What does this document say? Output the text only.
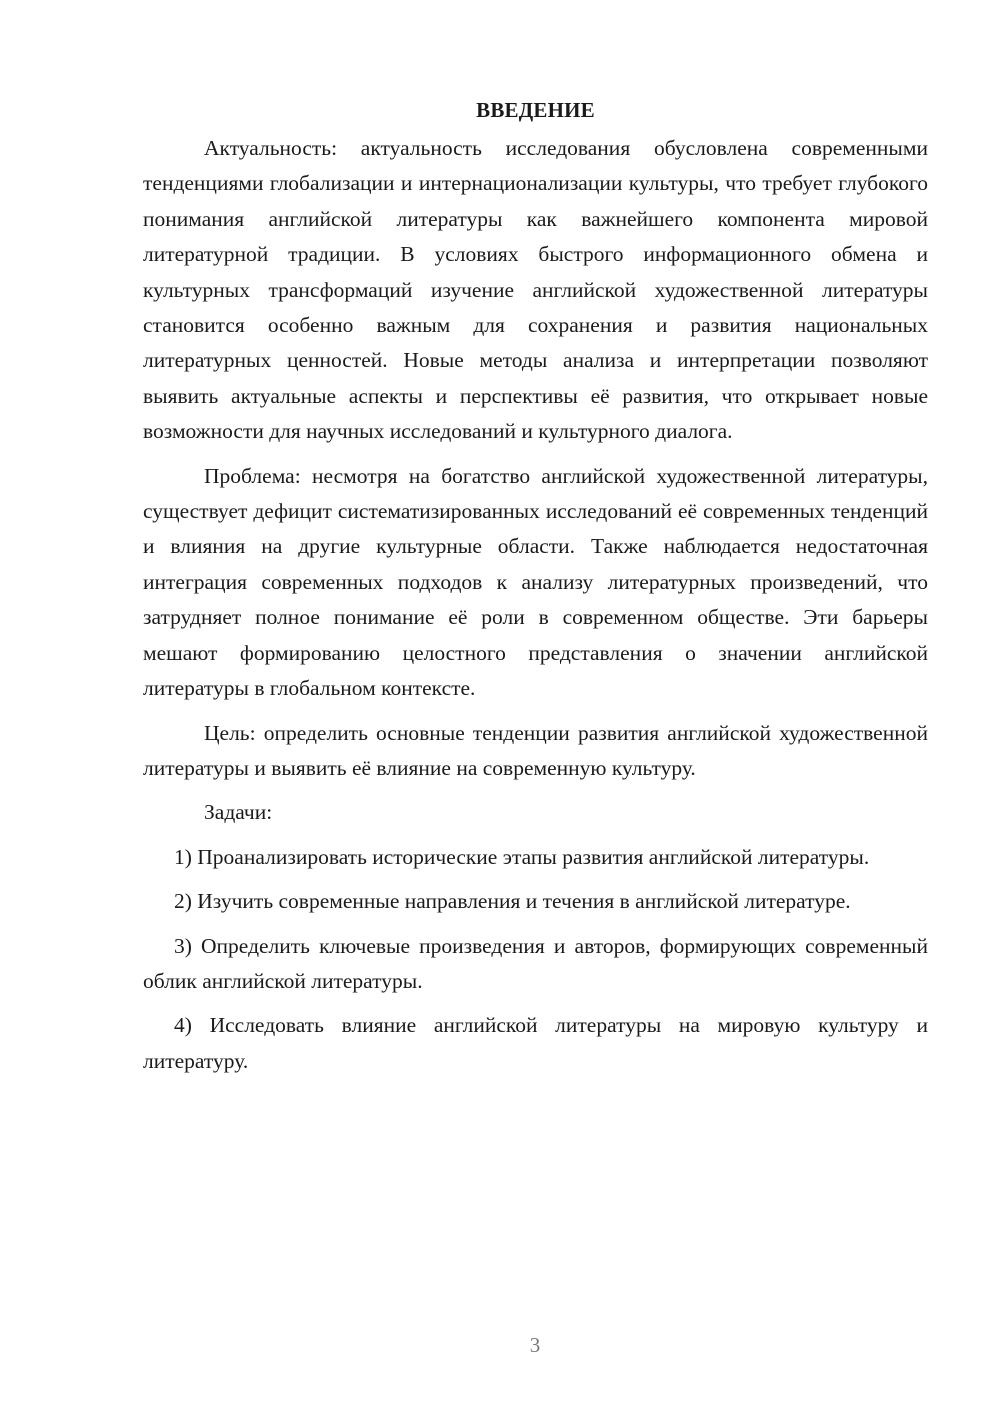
ВВЕДЕНИЕ

Актуальность: актуальность исследования обусловлена современными тенденциями глобализации и интернационализации культуры, что требует глубокого понимания английской литературы как важнейшего компонента мировой литературной традиции. В условиях быстрого информационного обмена и культурных трансформаций изучение английской художественной литературы становится особенно важным для сохранения и развития национальных литературных ценностей. Новые методы анализа и интерпретации позволяют выявить актуальные аспекты и перспективы её развития, что открывает новые возможности для научных исследований и культурного диалога.

Проблема: несмотря на богатство английской художественной литературы, существует дефицит систематизированных исследований её современных тенденций и влияния на другие культурные области. Также наблюдается недостаточная интеграция современных подходов к анализу литературных произведений, что затрудняет полное понимание её роли в современном обществе. Эти барьеры мешают формированию целостного представления о значении английской литературы в глобальном контексте.

Цель: определить основные тенденции развития английской художественной литературы и выявить её влияние на современную культуру.

Задачи:

1) Проанализировать исторические этапы развития английской литературы.

2) Изучить современные направления и течения в английской литературе.

3) Определить ключевые произведения и авторов, формирующих современный облик английской литературы.

4) Исследовать влияние английской литературы на мировую культуру и литературу.

3
